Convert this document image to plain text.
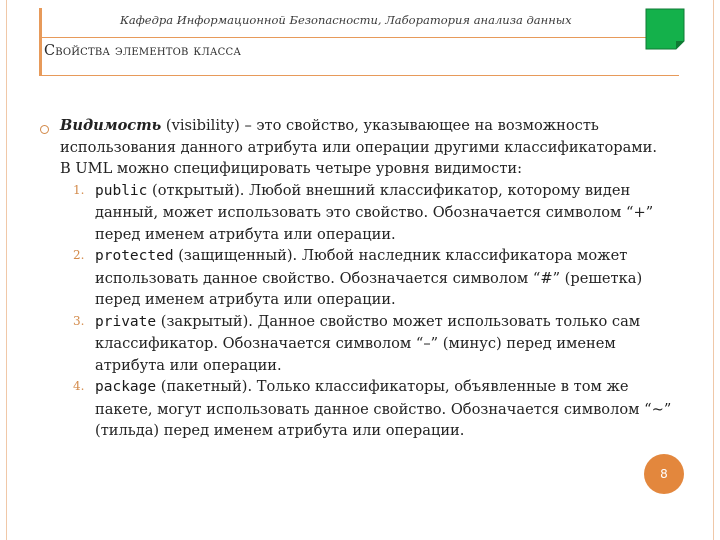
Кафедра Информационной Безопасности, Лаборатория анализа данных
Свойства элементов класса

Видимость (visibility) – это свойство, указывающее на возможность использования данного атрибута или операции другими классификаторами. В UML можно специфицировать четыре уровня видимости:

1. public (открытый). Любой внешний классификатор, которому виден данный, может использовать это свойство. Обозначается символом “+” перед именем атрибута или операции.
2. protected (защищенный). Любой наследник классификатора может использовать данное свойство. Обозначается символом “#” (решетка) перед именем атрибута или операции.
3. private (закрытый). Данное свойство может использовать только сам классификатор. Обозначается символом “–” (минус) перед именем атрибута или операции.
4. package (пакетный). Только классификаторы, объявленные в том же пакете, могут использовать данное свойство. Обозначается символом “~” (тильда) перед именем атрибута или операции.
8
